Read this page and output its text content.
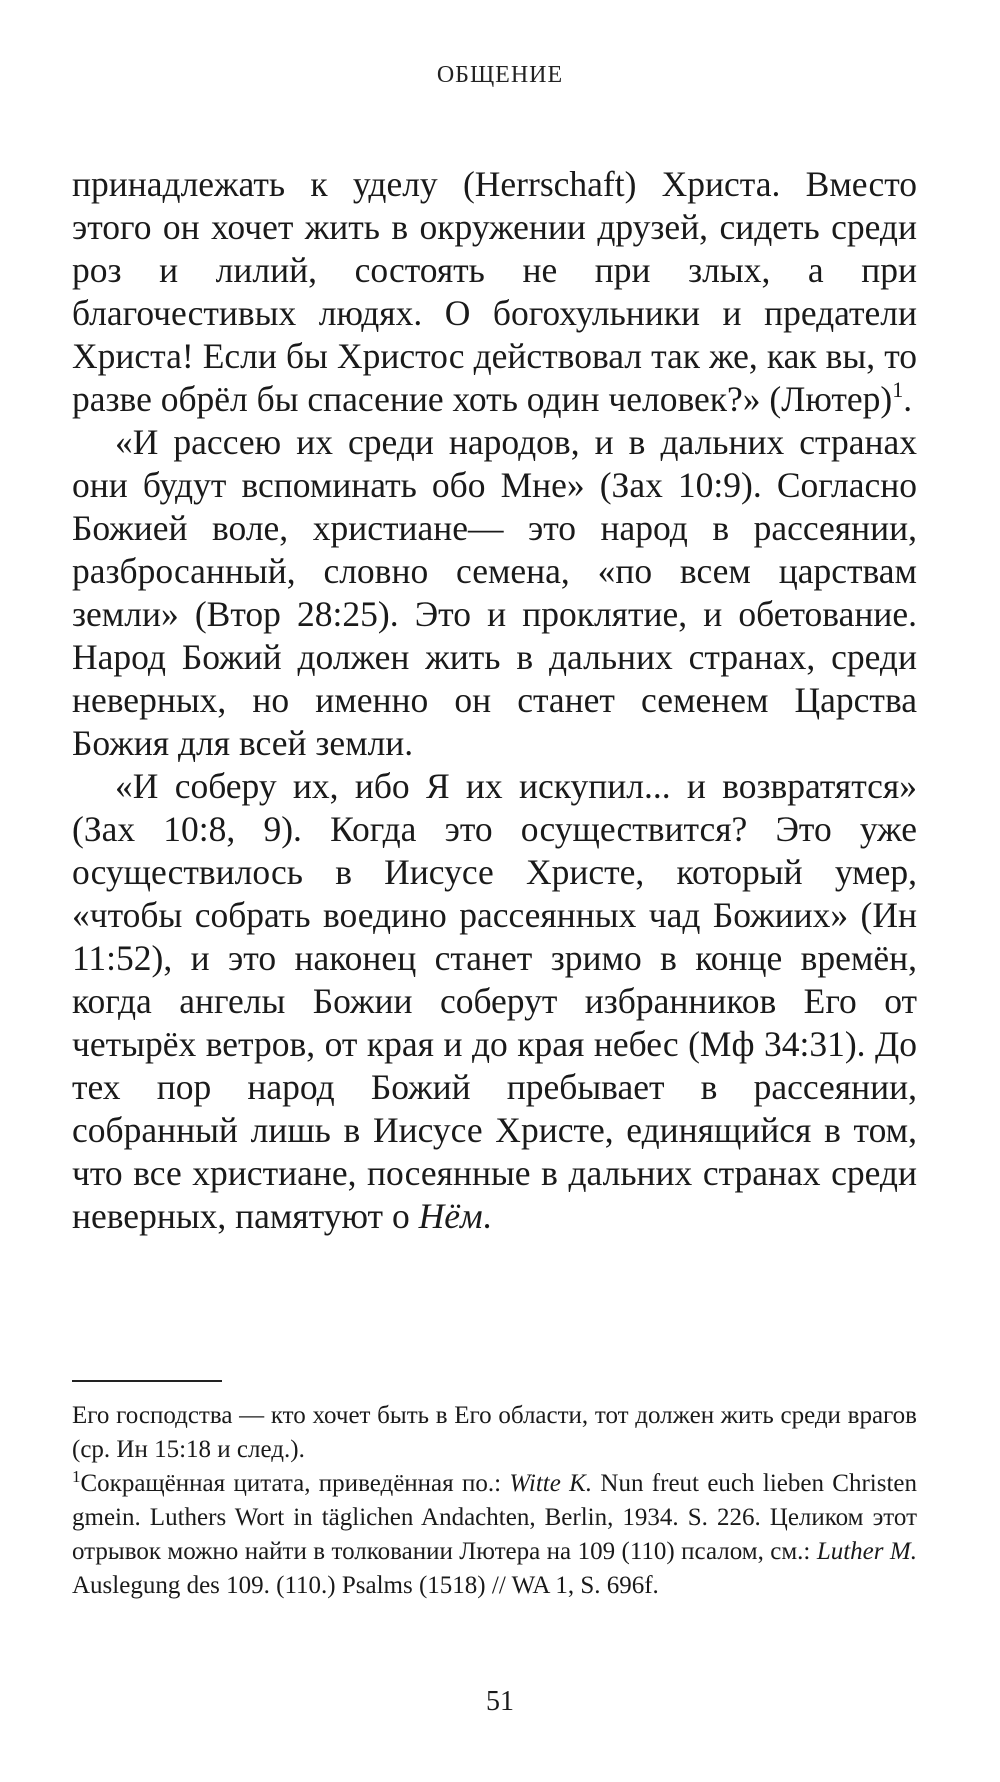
ОБЩЕНИЕ

принадлежать к уделу (Herrschaft) Христа. Вместо этого он хочет жить в окружении друзей, сидеть среди роз и лилий, состоять не при злых, а при благочестивых людях. О богохульники и предатели Христа! Если бы Христос действовал так же, как вы, то разве обрёл бы спасение хоть один человек?» (Лютер)$^1$.

«И рассею их среди народов, и в дальних странах они будут вспоминать обо Мне» (Зах 10:9). Согласно Божией воле, христиане— это народ в рассеянии, разбросанный, словно семена, «по всем царствам земли» (Втор 28:25). Это и проклятие, и обетование. Народ Божий должен жить в дальних странах, среди неверных, но именно он станет семенем Царства Божия для всей земли.

«И соберу их, ибо Я их искупил... и возвратятся» (Зах 10:8, 9). Когда это осуществится? Это уже осуществилось в Иисусе Христе, который умер, «чтобы собрать воедино рассеянных чад Божиих» (Ин 11:52), и это наконец станет зримо в конце времён, когда ангелы Божии соберут избранников Его от четырёх ветров, от края и до края небес (Мф 34:31). До тех пор народ Божий пребывает в рассеянии, собранный лишь в Иисусе Христе, единящийся в том, что все христиане, посеянные в дальних странах среди неверных, памятуют о Нём.

Его господства — кто хочет быть в Его области, тот должен жить среди врагов (ср. Ин 15:18 и след.).

$^1$Сокращённая цитата, приведённая по.: Witte K. Nun freut euch lieben Christen gmein. Luthers Wort in täglichen Andachten, Berlin, 1934. S. 226. Целиком этот отрывок можно найти в толковании Лютера на 109 (110) псалом, см.: Luther M. Auslegung des 109. (110.) Psalms (1518) // WA 1, S. 696f.

51
